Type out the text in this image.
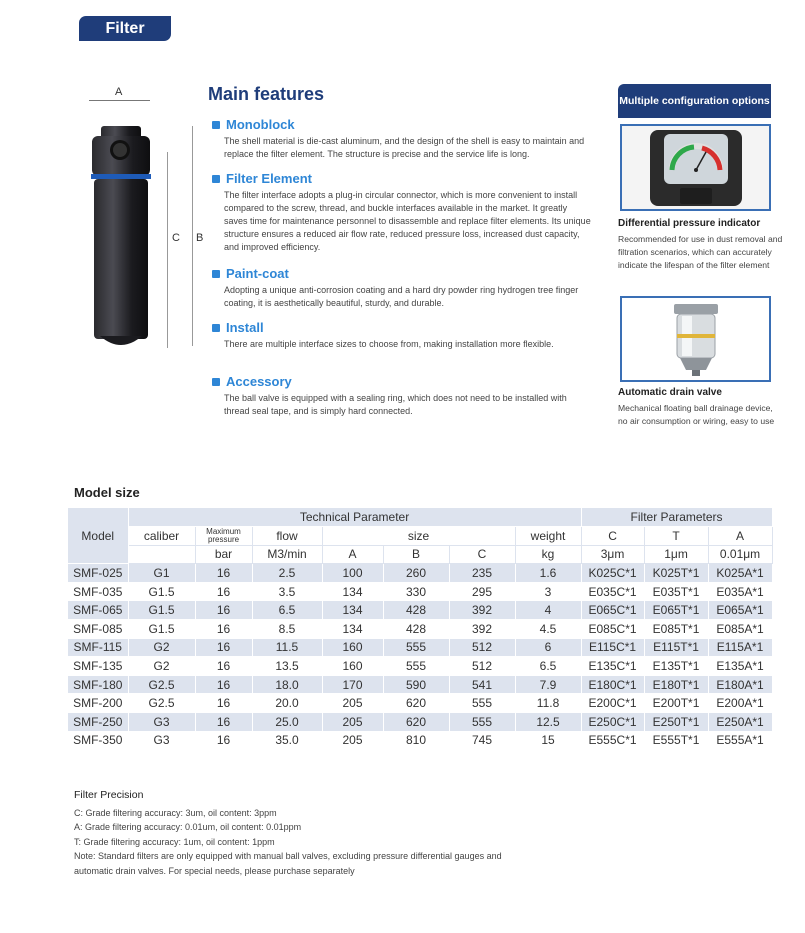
Filter
A
C B
Main features
Monoblock
The shell material is die-cast aluminum, and the design of the shell is easy to maintain and replace the filter element. The structure is precise and the service life is long.
Filter Element
The filter interface adopts a plug-in circular connector, which is more convenient to install compared to the screw, thread, and buckle interfaces available in the market. It greatly saves time for maintenance personnel to disassemble and replace filter elements. Its unique structure ensures a reduced air flow rate, reduced pressure loss, increased dust capacity, and improved efficiency.
Paint-coat
Adopting a unique anti-corrosion coating and a hard dry powder ring hydrogen tree finger coating, it is aesthetically beautiful, sturdy, and durable.
Install
There are multiple interface sizes to choose from, making installation more flexible.
Accessory
The ball valve is equipped with a sealing ring, which does not need to be installed with thread seal tape, and is simply hard connected.
Multiple configuration options
Differential pressure indicator
Recommended for use in dust removal and filtration scenarios, which can accurately indicate the lifespan of the filter element
Automatic drain valve
Mechanical floating ball drainage device, no air consumption or wiring, easy to use
Model size
Model	Technical Parameter							Filter Parameters		
	caliber	Maximum pressure	flow	size			weight	C	T	A
		bar	M3/min	A	B	C	kg	3μm	1μm	0.01μm
SMF-025	G1	16	2.5	100	260	235	1.6	K025C*1	K025T*1	K025A*1
SMF-035	G1.5	16	3.5	134	330	295	3	E035C*1	E035T*1	E035A*1
SMF-065	G1.5	16	6.5	134	428	392	4	E065C*1	E065T*1	E065A*1
SMF-085	G1.5	16	8.5	134	428	392	4.5	E085C*1	E085T*1	E085A*1
SMF-115	G2	16	11.5	160	555	512	6	E115C*1	E115T*1	E115A*1
SMF-135	G2	16	13.5	160	555	512	6.5	E135C*1	E135T*1	E135A*1
SMF-180	G2.5	16	18.0	170	590	541	7.9	E180C*1	E180T*1	E180A*1
SMF-200	G2.5	16	20.0	205	620	555	11.8	E200C*1	E200T*1	E200A*1
SMF-250	G3	16	25.0	205	620	555	12.5	E250C*1	E250T*1	E250A*1
SMF-350	G3	16	35.0	205	810	745	15	E555C*1	E555T*1	E555A*1
Filter Precision
C: Grade filtering accuracy: 3um, oil content: 3ppm
A: Grade filtering accuracy: 0.01um, oil content: 0.01ppm
T: Grade filtering accuracy: 1um, oil content: 1ppm
Note: Standard filters are only equipped with manual ball valves, excluding pressure differential gauges and
automatic drain valves. For special needs, please purchase separately
